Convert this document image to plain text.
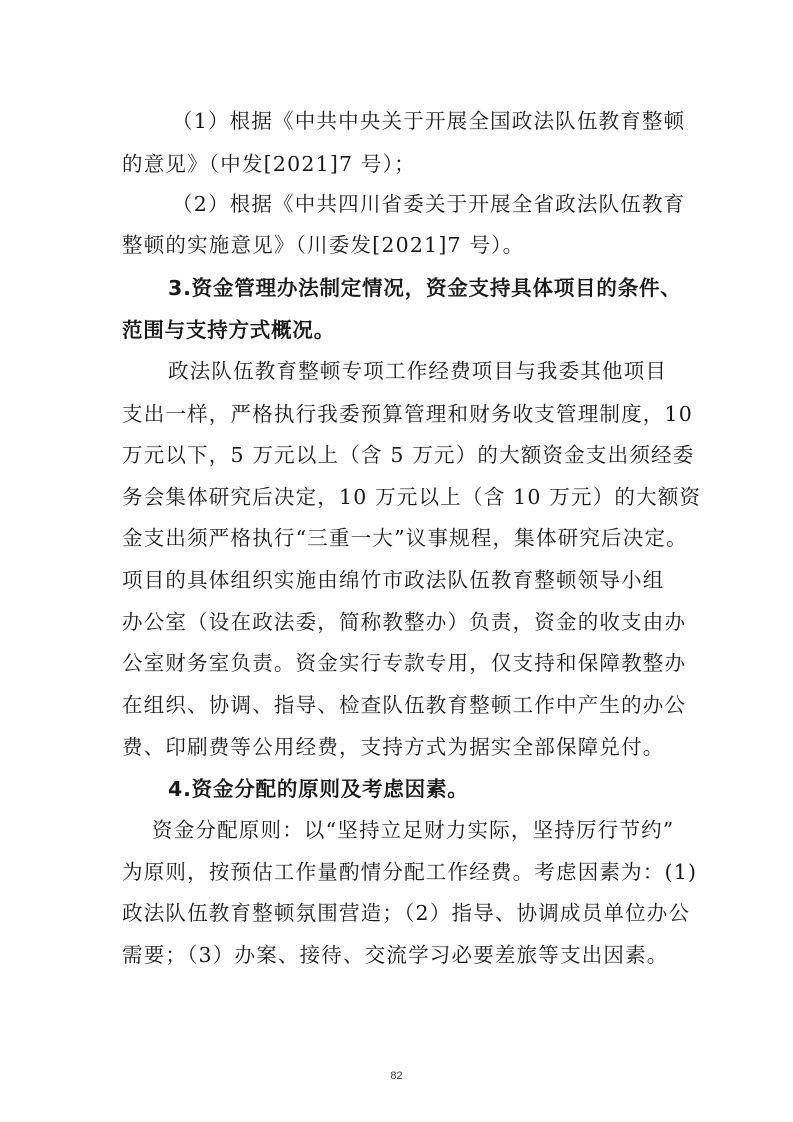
（1）根据《中共中央关于开展全国政法队伍教育整顿
的意见》（中发[2021]7 号）；
（2）根据《中共四川省委关于开展全省政法队伍教育
整顿的实施意见》（川委发[2021]7 号）。
3.资金管理办法制定情况，资金支持具体项目的条件、
范围与支持方式概况。
政法队伍教育整顿专项工作经费项目与我委其他项目
支出一样，严格执行我委预算管理和财务收支管理制度，10
万元以下，5 万元以上（含 5 万元）的大额资金支出须经委
务会集体研究后决定，10 万元以上（含 10 万元）的大额资
金支出须严格执行“三重一大”议事规程，集体研究后决定。
项目的具体组织实施由绵竹市政法队伍教育整顿领导小组
办公室（设在政法委，简称教整办）负责，资金的收支由办
公室财务室负责。资金实行专款专用，仅支持和保障教整办
在组织、协调、指导、检查队伍教育整顿工作中产生的办公
费、印刷费等公用经费，支持方式为据实全部保障兑付。
4.资金分配的原则及考虑因素。
资金分配原则：以“坚持立足财力实际，坚持厉行节约”
为原则，按预估工作量酌情分配工作经费。考虑因素为：(1)
政法队伍教育整顿氛围营造；（2）指导、协调成员单位办公
需要；（3）办案、接待、交流学习必要差旅等支出因素。
82
